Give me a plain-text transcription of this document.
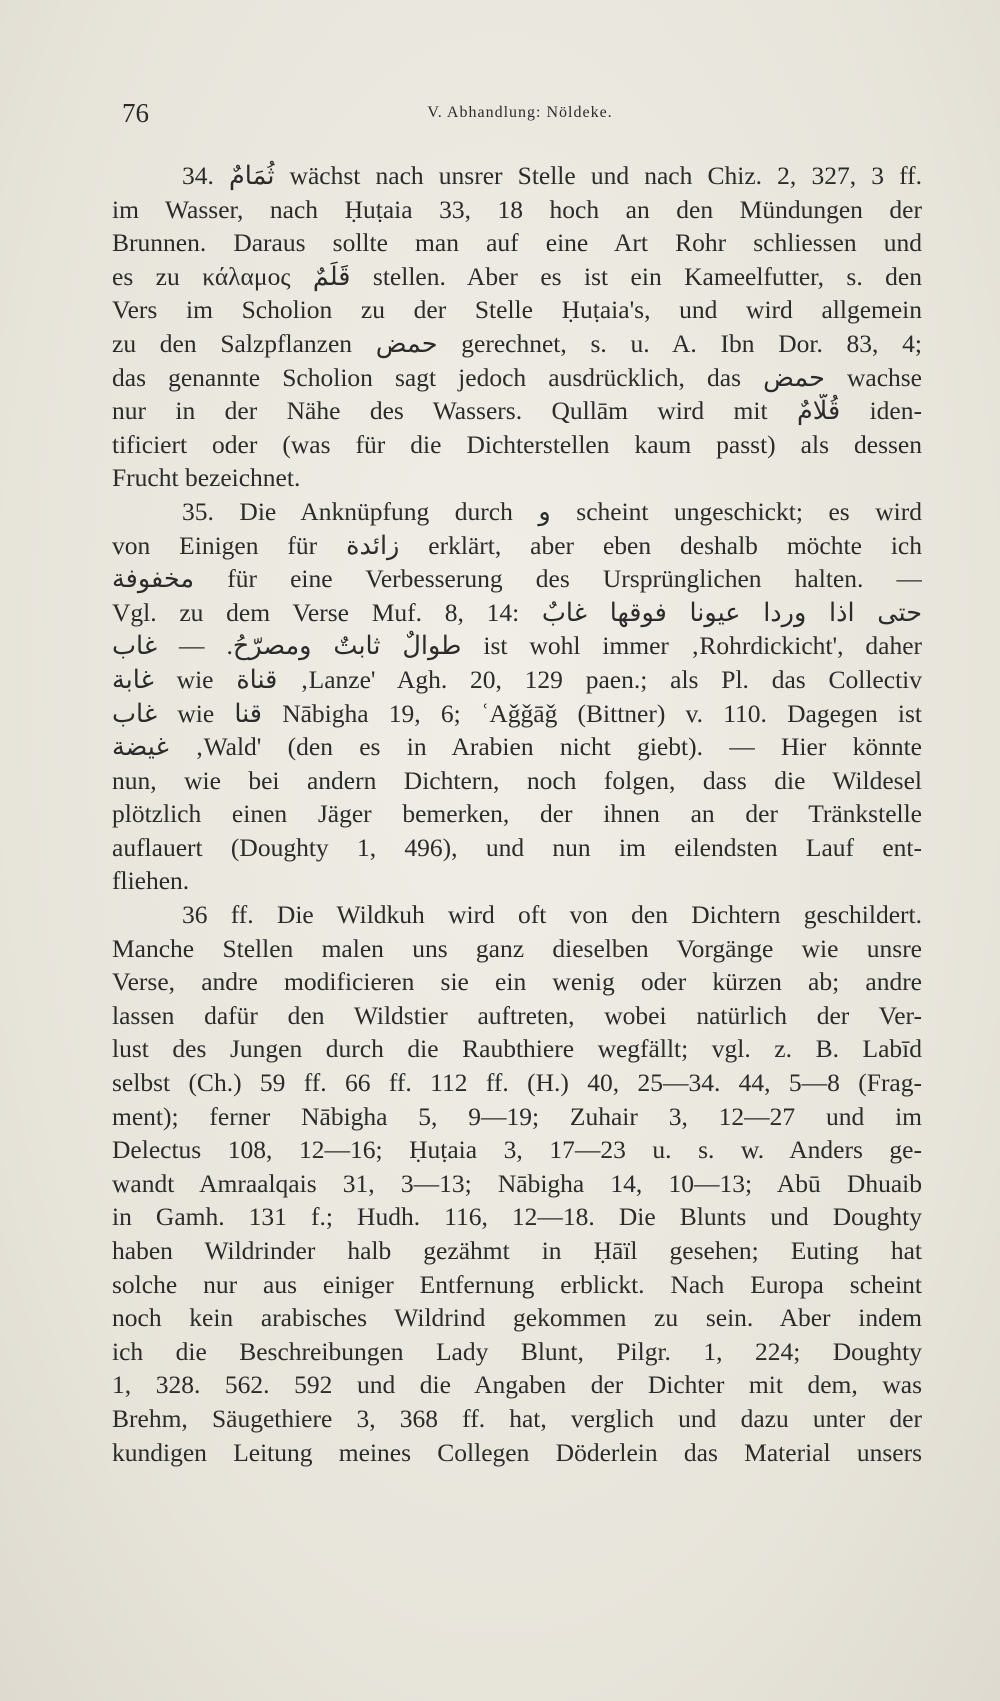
76	V. Abhandlung: Nöldeke.
34. ثُمَامٌ wächst nach unsrer Stelle und nach Chiz. 2, 327, 3 ff.
im Wasser, nach Ḥuṭaia 33, 18 hoch an den Mündungen der
Brunnen. Daraus sollte man auf eine Art Rohr schliessen und
es zu κάλαμος قَلَمٌ stellen. Aber es ist ein Kameelfutter, s. den
Vers im Scholion zu der Stelle Ḥuṭaia's, und wird allgemein
zu den Salzpflanzen حمض gerechnet, s. u. A. Ibn Dor. 83, 4;
das genannte Scholion sagt jedoch ausdrücklich, das حمض wachse
nur in der Nähe des Wassers. Qullām wird mit قُلَّامٌ iden-
tificiert oder (was für die Dichterstellen kaum passt) als dessen
Frucht bezeichnet.
35. Die Anknüpfung durch و scheint ungeschickt; es wird
von Einigen für زائدة erklärt, aber eben deshalb möchte ich
مخفوفة für eine Verbesserung des Ursprünglichen halten. —
Vgl. zu dem Verse Muf. 8, 14: حتى اذا وردا عيونا فوقها غابٌ
طوالٌ ثابتٌ ومصرّحُ. — غاب ist wohl immer ‚Rohrdickicht', daher
غابة wie قناة ‚Lanze' Agh. 20, 129 paen.; als Pl. das Collectiv
غاب wie قنا Nābigha 19, 6; ʿAǧǧāǧ (Bittner) v. 110. Dagegen ist
غيضة ‚Wald' (den es in Arabien nicht giebt). — Hier könnte
nun, wie bei andern Dichtern, noch folgen, dass die Wildesel
plötzlich einen Jäger bemerken, der ihnen an der Tränkstelle
auflauert (Doughty 1, 496), und nun im eilendsten Lauf ent-
fliehen.
36 ff. Die Wildkuh wird oft von den Dichtern geschildert.
Manche Stellen malen uns ganz dieselben Vorgänge wie unsre
Verse, andre modificieren sie ein wenig oder kürzen ab; andre
lassen dafür den Wildstier auftreten, wobei natürlich der Ver-
lust des Jungen durch die Raubthiere wegfällt; vgl. z. B. Labīd
selbst (Ch.) 59 ff. 66 ff. 112 ff. (H.) 40, 25—34. 44, 5—8 (Frag-
ment); ferner Nābigha 5, 9—19; Zuhair 3, 12—27 und im
Delectus 108, 12—16; Ḥuṭaia 3, 17—23 u. s. w. Anders ge-
wandt Amraalqais 31, 3—13; Nābigha 14, 10—13; Abū Dhuaib
in Gamh. 131 f.; Hudh. 116, 12—18. Die Blunts und Doughty
haben Wildrinder halb gezähmt in Ḥāïl gesehen; Euting hat
solche nur aus einiger Entfernung erblickt. Nach Europa scheint
noch kein arabisches Wildrind gekommen zu sein. Aber indem
ich die Beschreibungen Lady Blunt, Pilgr. 1, 224; Doughty
1, 328. 562. 592 und die Angaben der Dichter mit dem, was
Brehm, Säugethiere 3, 368 ff. hat, verglich und dazu unter der
kundigen Leitung meines Collegen Döderlein das Material unsers
